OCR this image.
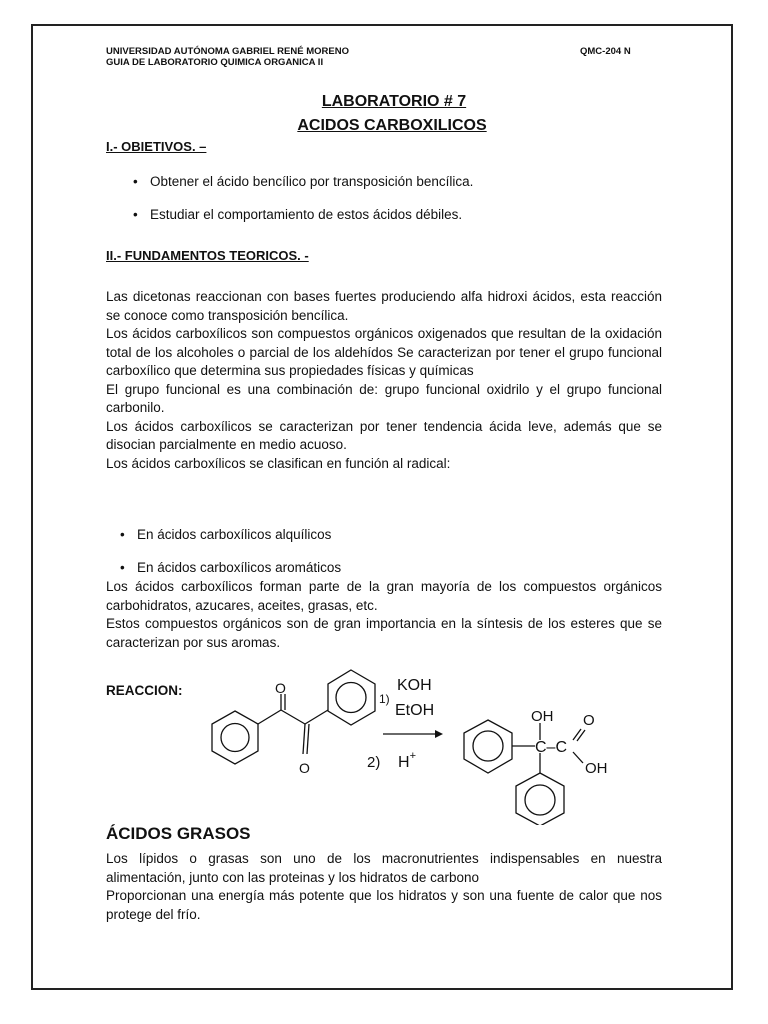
UNIVERSIDAD AUTÓNOMA GABRIEL RENÉ MORENO
GUIA DE LABORATORIO QUIMICA ORGANICA II
QMC-204 N
LABORATORIO # 7
ACIDOS CARBOXILICOS
I.- OBIETIVOS. –
• Obtener el ácido bencílico por transposición bencílica.
• Estudiar el comportamiento de estos ácidos débiles.
II.- FUNDAMENTOS TEORICOS. -

Las dicetonas reaccionan con bases fuertes produciendo alfa hidroxi ácidos, esta reacción se conoce como transposición bencílica.

Los ácidos carboxílicos son compuestos orgánicos oxigenados que resultan de la oxidación total de los alcoholes o parcial de los aldehídos Se caracterizan por tener el grupo funcional carboxílico que determina sus propiedades físicas y químicas

El grupo funcional es una combinación de: grupo funcional oxidrilo y el grupo funcional carbonilo.

Los ácidos carboxílicos se caracterizan por tener tendencia ácida leve, además que se disocian parcialmente en medio acuoso.

Los ácidos carboxílicos se clasifican en función al radical:

• En ácidos carboxílicos alquílicos
• En ácidos carboxílicos aromáticos

Los ácidos carboxílicos forman parte de la gran mayoría de los compuestos orgánicos carbohidratos, azucares, aceites, grasas, etc.

Estos compuestos orgánicos son de gran importancia en la síntesis de los esteres que se caracterizan por sus aromas.

REACCION:	O
O
1)
KOH
EtOH
2) H+
OH
C–C
O
OH
ÁCIDOS GRASOS

Los lípidos o grasas son uno de los macronutrientes indispensables en nuestra alimentación, junto con las proteinas y los hidratos de carbono

Proporcionan una energía más potente que los hidratos y son una fuente de calor que nos protege del frío.
